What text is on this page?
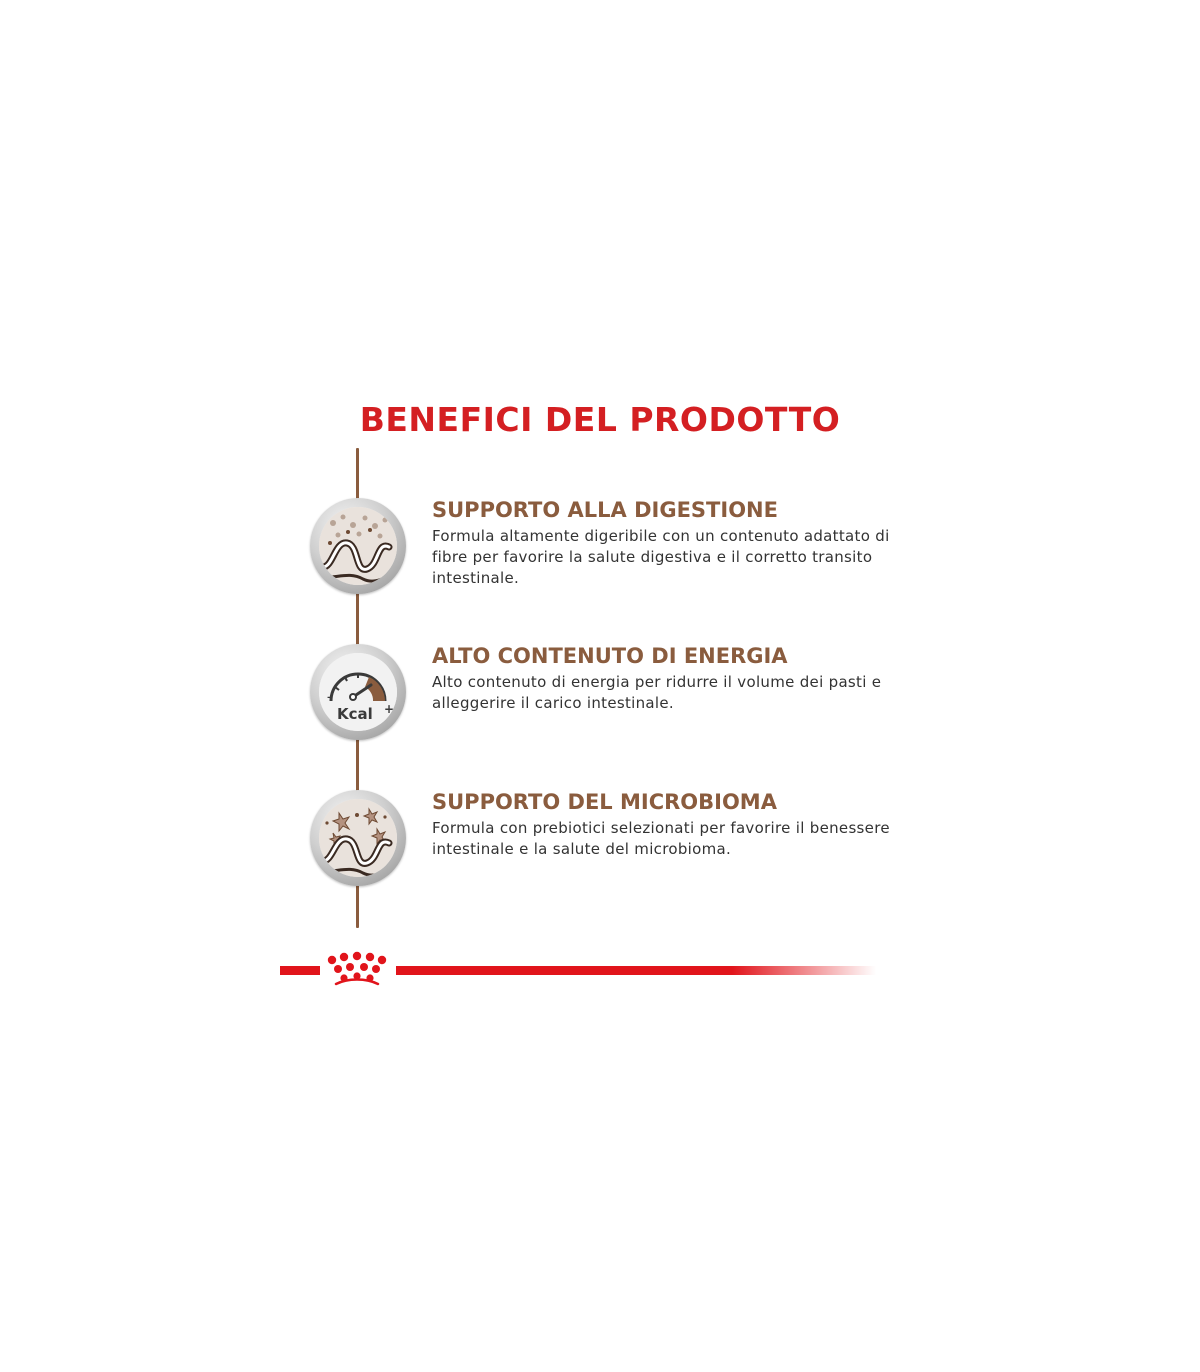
BENEFICI DEL PRODOTTO
SUPPORTO ALLA DIGESTIONE
Formula altamente digeribile con un contenuto adattato di fibre per favorire la salute digestiva e il corretto transito intestinale.
–
+
Kcal
ALTO CONTENUTO DI ENERGIA
Alto contenuto di energia per ridurre il volume dei pasti e alleggerire il carico intestinale.
SUPPORTO DEL MICROBIOMA
Formula con prebiotici selezionati per favorire il benessere intestinale e la salute del microbioma.
